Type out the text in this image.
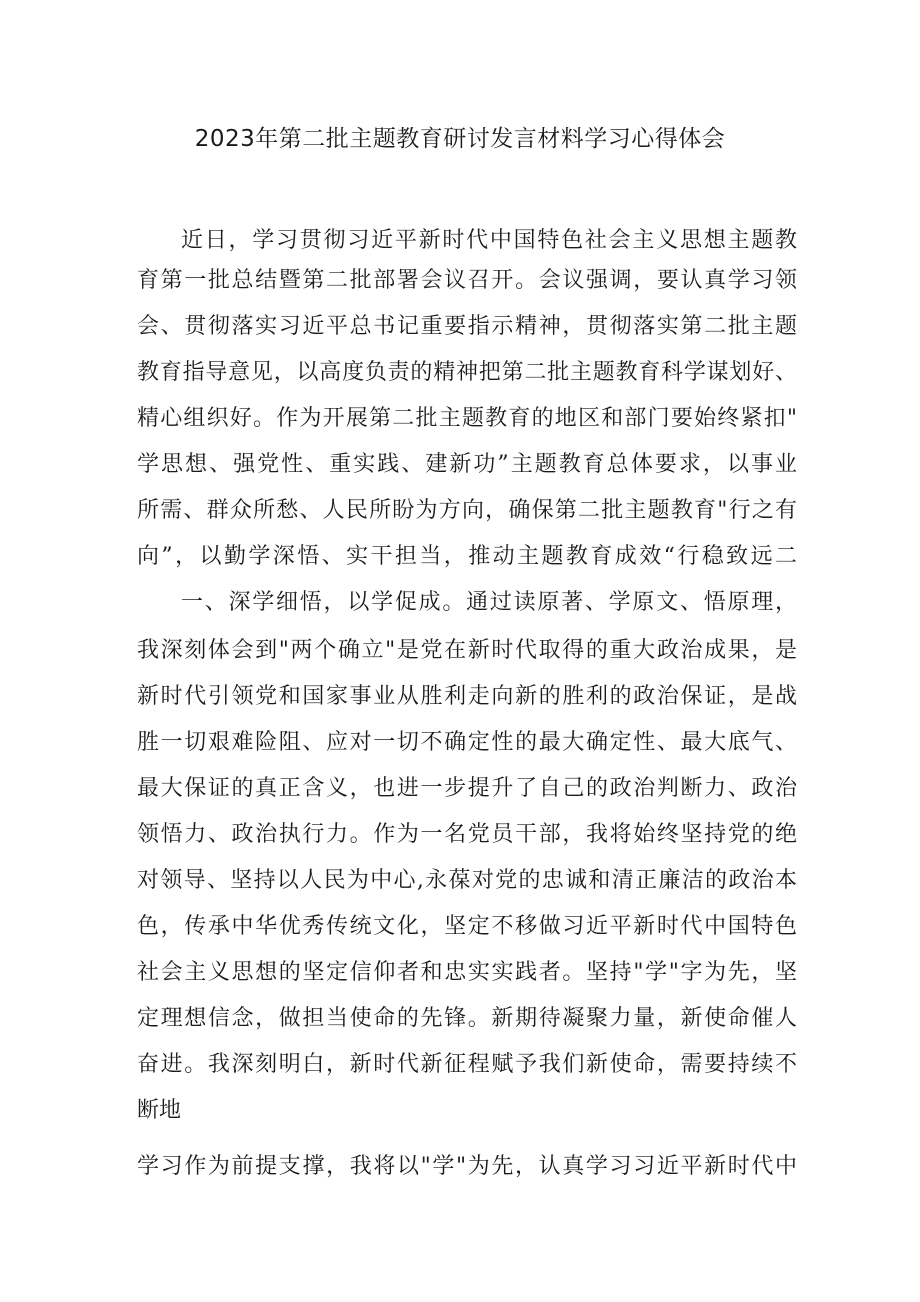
2023年第二批主题教育研讨发言材料学习心得体会

近日，学习贯彻习近平新时代中国特色社会主义思想主题教

育第一批总结暨第二批部署会议召开。会议强调，要认真学习领

会、贯彻落实习近平总书记重要指示精神，贯彻落实第二批主题

教育指导意见，以高度负责的精神把第二批主题教育科学谋划好、

精心组织好。作为开展第二批主题教育的地区和部门要始终紧扣"

学思想、强党性、重实践、建新功”主题教育总体要求，以事业

所需、群众所愁、人民所盼为方向，确保第二批主题教育"行之有

向”，以勤学深悟、实干担当，推动主题教育成效“行稳致远二

一、深学细悟，以学促成。通过读原著、学原文、悟原理，

我深刻体会到"两个确立"是党在新时代取得的重大政治成果，是

新时代引领党和国家事业从胜利走向新的胜利的政治保证，是战

胜一切艰难险阻、应对一切不确定性的最大确定性、最大底气、

最大保证的真正含义，也进一步提升了自己的政治判断力、政治

领悟力、政治执行力。作为一名党员干部，我将始终坚持党的绝

对领导、坚持以人民为中心,永葆对党的忠诚和清正廉洁的政治本

色，传承中华优秀传统文化，坚定不移做习近平新时代中国特色

社会主义思想的坚定信仰者和忠实实践者。坚持"学"字为先，坚

定理想信念，做担当使命的先锋。新期待凝聚力量，新使命催人

奋进。我深刻明白，新时代新征程赋予我们新使命，需要持续不

断地

学习作为前提支撑，我将以"学"为先，认真学习习近平新时代中
